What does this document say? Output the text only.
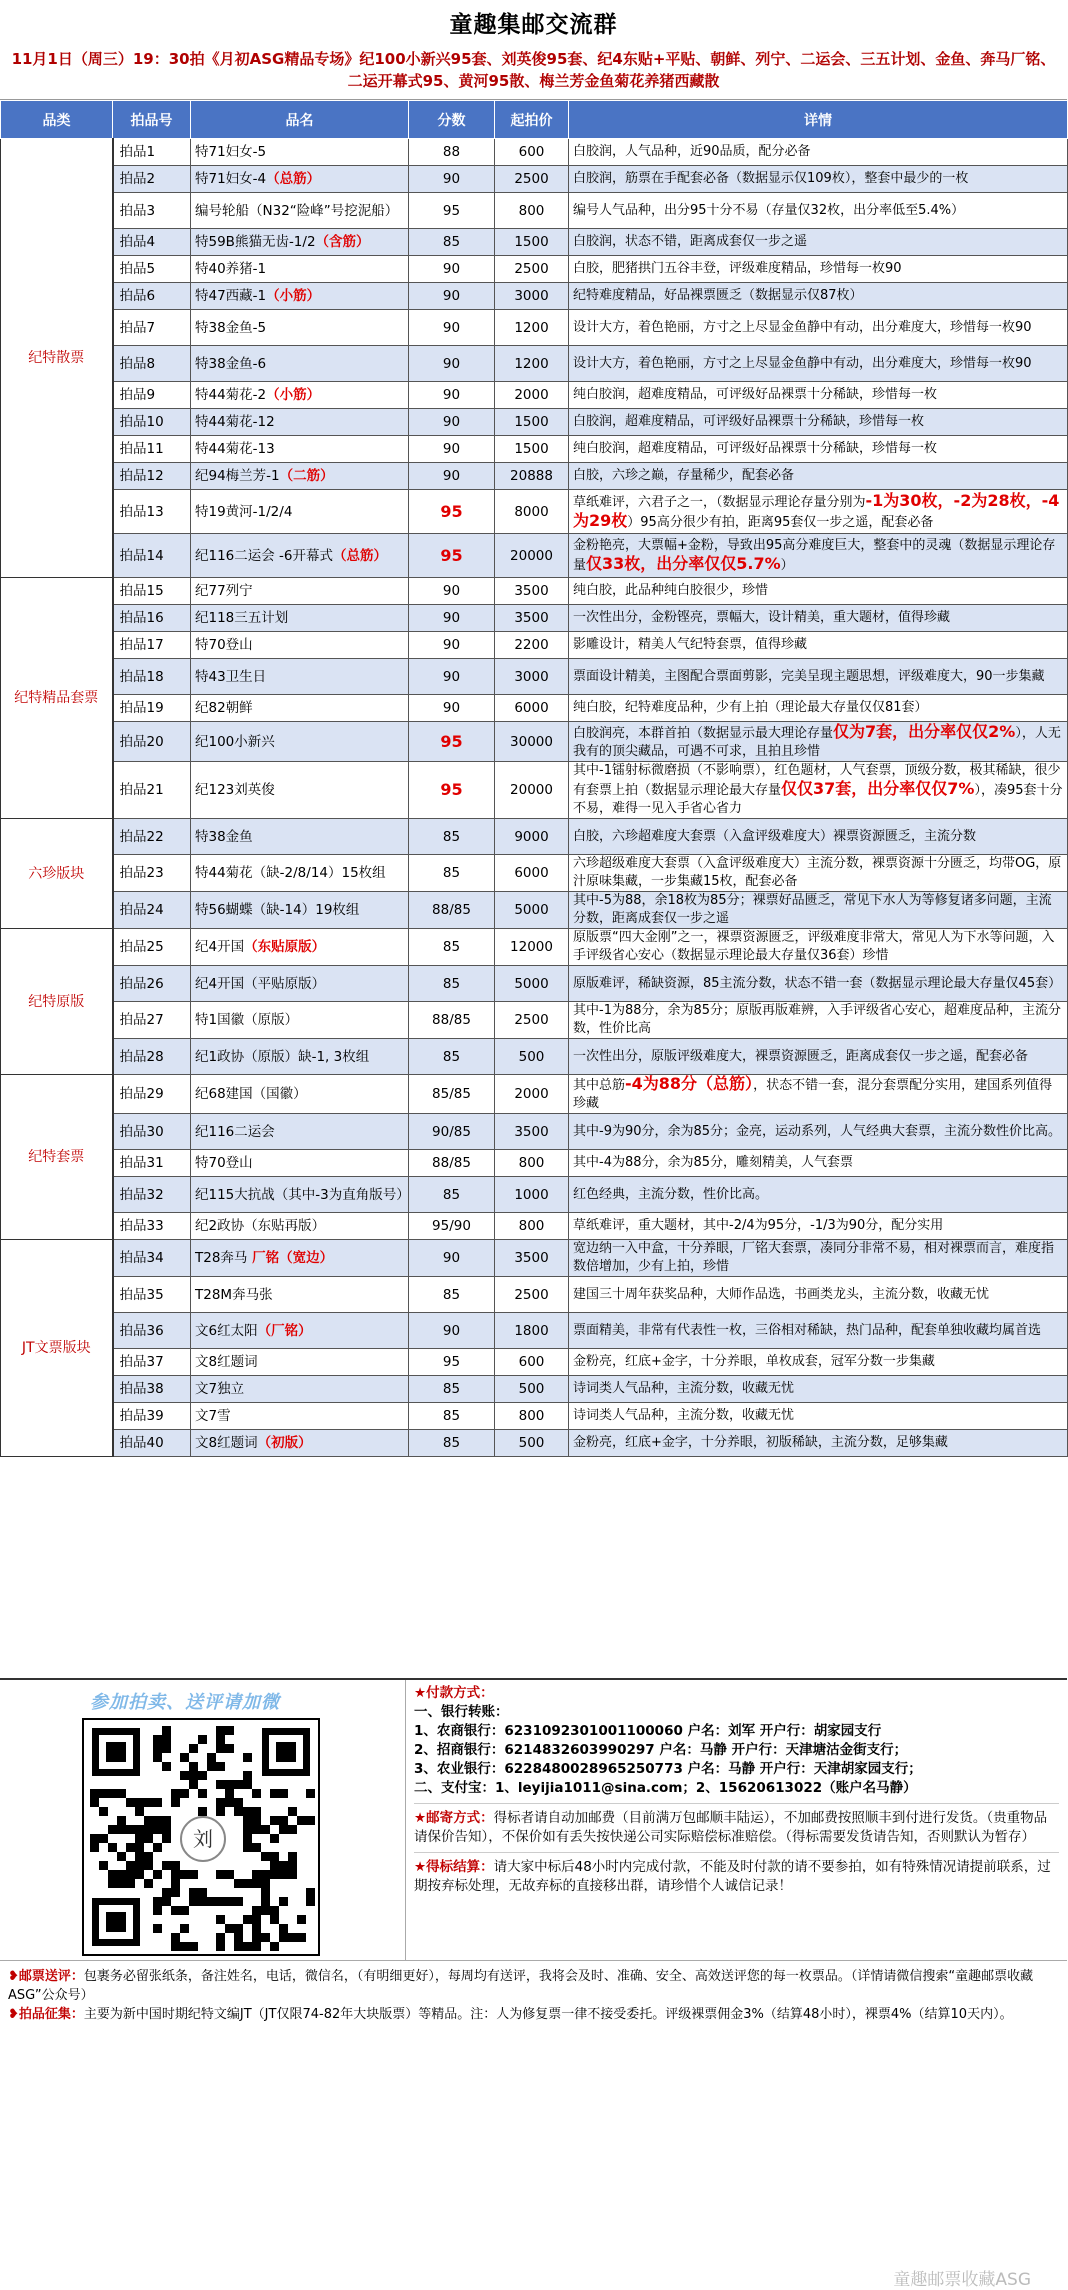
童趣集邮交流群
11月1日（周三）19：30拍《月初ASG精品专场》纪100小新兴95套、刘英俊95套、纪4东贴+平贴、朝鲜、列宁、二运会、三五计划、金鱼、奔马厂铭、二运开幕式95、黄河95散、梅兰芳金鱼菊花养猪西藏散
品类	拍品号	品名	分数	起拍价	详情
纪特散票	拍品1	特71妇女-5	88	600	白胶润，人气品种，近90品质，配分必备
	拍品2	特71妇女-4（总筋）	90	2500	白胶润，筋票在手配套必备（数据显示仅109枚），整套中最少的一枚
	拍品3	编号轮船（N32“险峰”号挖泥船）	95	800	编号人气品种，出分95十分不易（存量仅32枚，出分率低至5.4%）
	拍品4	特59B熊猫无齿-1/2（含筋）	85	1500	白胶润，状态不错，距离成套仅一步之遥
	拍品5	特40养猪-1	90	2500	白胶，肥猪拱门五谷丰登，评级难度精品，珍惜每一枚90
	拍品6	特47西藏-1（小筋）	90	3000	纪特难度精品，好品裸票匮乏（数据显示仅87枚）
	拍品7	特38金鱼-5	90	1200	设计大方，着色艳丽，方寸之上尽显金鱼静中有动，出分难度大，珍惜每一枚90
	拍品8	特38金鱼-6	90	1200	设计大方，着色艳丽，方寸之上尽显金鱼静中有动，出分难度大，珍惜每一枚90
	拍品9	特44菊花-2（小筋）	90	2000	纯白胶润，超难度精品，可评级好品裸票十分稀缺，珍惜每一枚
	拍品10	特44菊花-12	90	1500	白胶润，超难度精品，可评级好品裸票十分稀缺，珍惜每一枚
	拍品11	特44菊花-13	90	1500	纯白胶润，超难度精品，可评级好品裸票十分稀缺，珍惜每一枚
	拍品12	纪94梅兰芳-1（二筋）	90	20888	白胶，六珍之巅，存量稀少，配套必备
	拍品13	特19黄河-1/2/4	95	8000	草纸难评，六君子之一，（数据显示理论存量分别为-1为30枚，-2为28枚，-4为29枚）95高分很少有拍，距离95套仅一步之遥，配套必备
	拍品14	纪116二运会 -6开幕式（总筋）	95	20000	金粉艳亮，大票幅+金粉，导致出95高分难度巨大，整套中的灵魂（数据显示理论存量仅33枚，出分率仅仅5.7%）
纪特精品套票	拍品15	纪77列宁	90	3500	纯白胶，此品种纯白胶很少，珍惜
	拍品16	纪118三五计划	90	3500	一次性出分，金粉铿亮，票幅大，设计精美，重大题材，值得珍藏
	拍品17	特70登山	90	2200	影雕设计，精美人气纪特套票，值得珍藏
	拍品18	特43卫生日	90	3000	票面设计精美，主图配合票面剪影，完美呈现主题思想，评级难度大，90一步集藏
	拍品19	纪82朝鲜	90	6000	纯白胶，纪特难度品种，少有上拍（理论最大存量仅仅81套）
	拍品20	纪100小新兴	95	30000	白胶润亮，本群首拍（数据显示最大理论存量仅为7套，出分率仅仅2%），人无我有的顶尖藏品，可遇不可求，且拍且珍惜
	拍品21	纪123刘英俊	95	20000	其中-1镭射标微磨损（不影响票），红色题材，人气套票，顶级分数，极其稀缺，很少有套票上拍（数据显示理论最大存量仅仅37套，出分率仅仅7%），凑95套十分不易，难得一见入手省心省力
六珍版块	拍品22	特38金鱼	85	9000	白胶，六珍超难度大套票（入盒评级难度大）裸票资源匮乏，主流分数
	拍品23	特44菊花（缺-2/8/14）15枚组	85	6000	六珍超级难度大套票（入盒评级难度大）主流分数，裸票资源十分匮乏，均带OG，原汁原味集藏，一步集藏15枚，配套必备
	拍品24	特56蝴蝶（缺-14）19枚组	88/85	5000	其中-5为88，余18枚为85分；裸票好品匮乏，常见下水人为等修复诸多问题，主流分数，距离成套仅一步之遥
纪特原版	拍品25	纪4开国（东贴原版）	85	12000	原版票“四大金刚”之一，裸票资源匮乏，评级难度非常大，常见人为下水等问题，入手评级省心安心（数据显示理论最大存量仅36套）珍惜
	拍品26	纪4开国（平贴原版）	85	5000	原版难评，稀缺资源，85主流分数，状态不错一套（数据显示理论最大存量仅45套）
	拍品27	特1国徽（原版）	88/85	2500	其中-1为88分，余为85分；原版再版难辨，入手评级省心安心，超难度品种，主流分数，性价比高
	拍品28	纪1政协（原版）缺-1, 3枚组	85	500	一次性出分，原版评级难度大，裸票资源匮乏，距离成套仅一步之遥，配套必备
纪特套票	拍品29	纪68建国（国徽）	85/85	2000	其中总筋-4为88分（总筋），状态不错一套，混分套票配分实用，建国系列值得珍藏
	拍品30	纪116二运会	90/85	3500	其中-9为90分，余为85分；金亮，运动系列，人气经典大套票，主流分数性价比高。
	拍品31	特70登山	88/85	800	其中-4为88分，余为85分，雕刻精美，人气套票
	拍品32	纪115大抗战（其中-3为直角版号）	85	1000	红色经典，主流分数，性价比高。
	拍品33	纪2政协（东贴再版）	95/90	800	草纸难评，重大题材，其中-2/4为95分，-1/3为90分，配分实用
JT文票版块	拍品34	T28奔马 厂铭（宽边）	90	3500	宽边纳一入中盒，十分养眼，厂铭大套票，凑同分非常不易，相对裸票而言，难度指数倍增加，少有上拍，珍惜
	拍品35	T28M奔马张	85	2500	建国三十周年获奖品种，大师作品选，书画类龙头，主流分数，收藏无忧
	拍品36	文6红太阳（厂铭）	90	1800	票面精美，非常有代表性一枚，三俗相对稀缺，热门品种，配套单独收藏均属首选
	拍品37	文8红题词	95	600	金粉亮，红底+金字，十分养眼，单枚成套，冠军分数一步集藏
	拍品38	文7独立	85	500	诗词类人气品种，主流分数，收藏无忧
	拍品39	文7雪	85	800	诗词类人气品种，主流分数，收藏无忧
	拍品40	文8红题词（初版）	85	500	金粉亮，红底+金字，十分养眼，初版稀缺，主流分数，足够集藏
参加拍卖、送评请加微
刘
★付款方式：
一、银行转账：
1、农商银行：6231092301001100060 户名：刘军 开户行：胡家园支行
2、招商银行：6214832603990297 户名：马静 开户行：天津塘沽金街支行；
3、农业银行：6228480028965250773 户名：马静 开户行：天津胡家园支行；
二、支付宝：1、leyijia1011@sina.com；2、15620613022（账户名马静）
★邮寄方式：得标者请自动加邮费（目前满万包邮顺丰陆运），不加邮费按照顺丰到付进行发货。（贵重物品请保价告知），不保价如有丢失按快递公司实际赔偿标准赔偿。（得标需要发货请告知，否则默认为暂存）
★得标结算：请大家中标后48小时内完成付款，不能及时付款的请不要参拍，如有特殊情况请提前联系，过期按弃标处理，无故弃标的直接移出群，请珍惜个人诚信记录！
❥邮票送评：包裹务必留张纸条，备注姓名，电话，微信名，（有明细更好），每周均有送评，我将会及时、准确、安全、高效送评您的每一枚票品。（详情请微信搜索“童趣邮票收藏ASG”公众号）
❥拍品征集：主要为新中国时期纪特文编JT（JT仅限74-82年大块版票）等精品。注：人为修复票一律不接受委托。评级裸票佣金3%（结算48小时），裸票4%（结算10天内）。
童趣邮票收藏ASG
